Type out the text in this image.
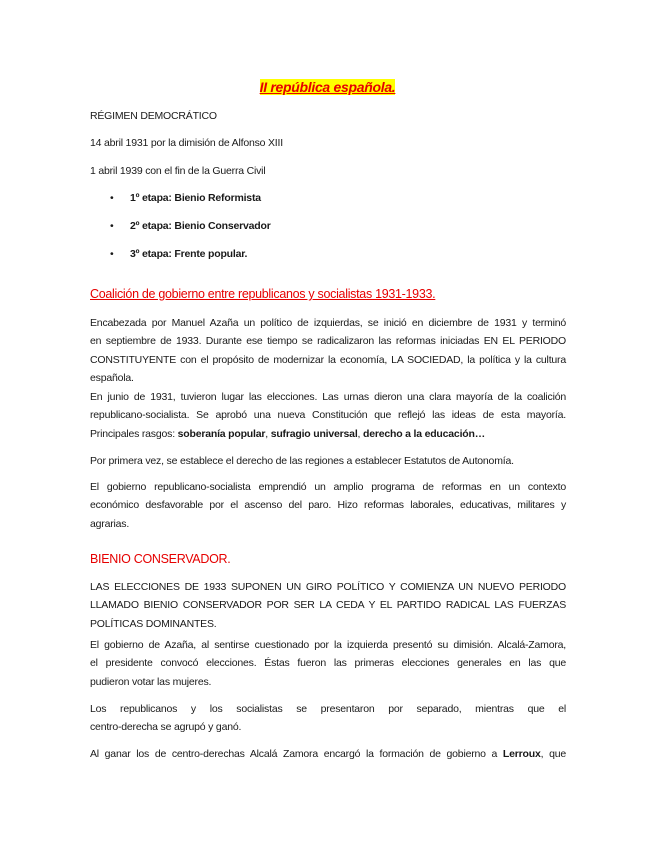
II república española.
RÉGIMEN DEMOCRÁTICO
14 abril 1931 por la dimisión de Alfonso XIII
1 abril 1939 con el fin de la Guerra Civil
• 1º etapa: Bienio Reformista
• 2º etapa: Bienio Conservador
• 3º etapa: Frente popular.
Coalición de gobierno entre republicanos y socialistas 1931-1933.
Encabezada por Manuel Azaña un político de izquierdas, se inició en diciembre de 1931 y terminó
en septiembre de 1933. Durante ese tiempo se radicalizaron las reformas iniciadas EN EL PERIODO
CONSTITUYENTE con el propósito de modernizar la economía, LA SOCIEDAD, la política y la cultura
española.
En junio de 1931, tuvieron lugar las elecciones. Las urnas dieron una clara mayoría de la coalición
republicano-socialista. Se aprobó una nueva Constitución que reflejó las ideas de esta mayoría.
Principales rasgos: soberanía popular, sufragio universal, derecho a la educación…
Por primera vez, se establece el derecho de las regiones a establecer Estatutos de Autonomía.
El gobierno republicano-socialista emprendió un amplio programa de reformas en un contexto
económico desfavorable por el ascenso del paro. Hizo reformas laborales, educativas, militares y
agrarias.
BIENIO CONSERVADOR.
LAS ELECCIONES DE 1933 SUPONEN UN GIRO POLÍTICO Y COMIENZA UN NUEVO PERIODO
LLAMADO BIENIO CONSERVADOR POR SER LA CEDA Y EL PARTIDO RADICAL LAS FUERZAS
POLÍTICAS DOMINANTES.
El gobierno de Azaña, al sentirse cuestionado por la izquierda presentó su dimisión. Alcalá-Zamora,
el presidente convocó elecciones. Éstas fueron las primeras elecciones generales en las que
pudieron votar las mujeres.
Los republicanos y los socialistas se presentaron por separado, mientras que el
centro-derecha se agrupó y ganó.
Al ganar los de centro-derechas Alcalá Zamora encargó la formación de gobierno a Lerroux, que
